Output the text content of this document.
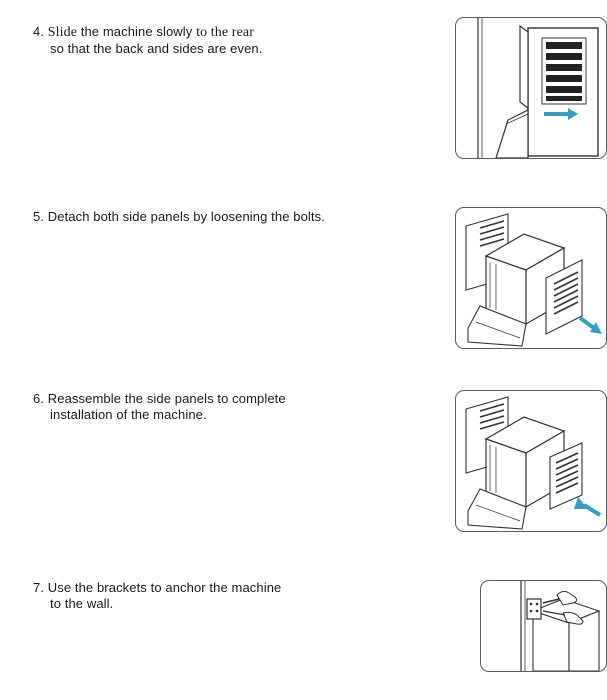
4. Slide the machine slowly to the rear
so that the back and sides are even.
5. Detach both side panels by loosening the bolts.
6. Reassemble the side panels to complete
installation of the machine.
7. Use the brackets to anchor the machine
to the wall.
